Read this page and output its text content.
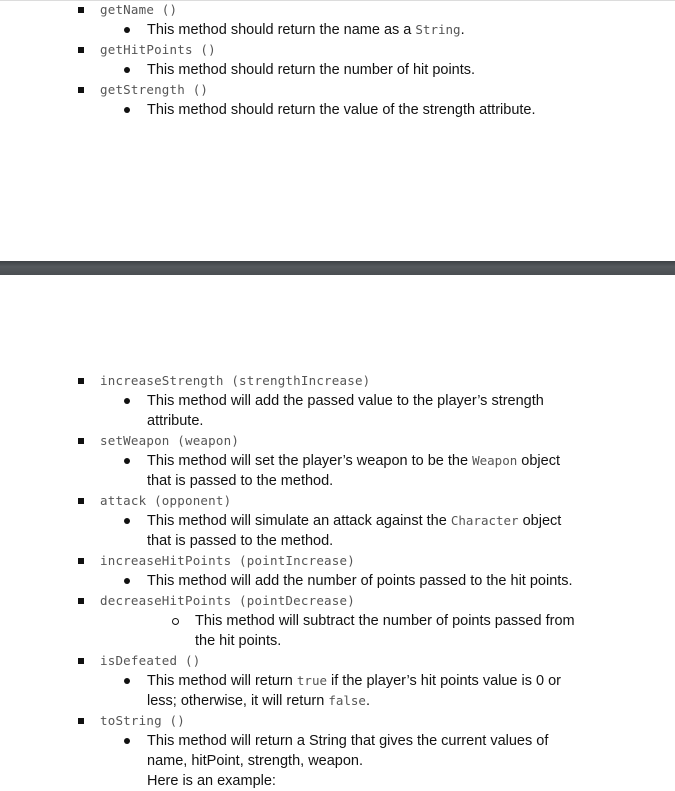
getName ()
This method should return the name as a String.
getHitPoints ()
This method should return the number of hit points.
getStrength ()
This method should return the value of the strength attribute.
increaseStrength (strengthIncrease)
This method will add the passed value to the player’s strength attribute.
setWeapon (weapon)
This method will set the player’s weapon to be the Weapon object that is passed to the method.
attack (opponent)
This method will simulate an attack against the Character object that is passed to the method.
increaseHitPoints (pointIncrease)
This method will add the number of points passed to the hit points.
decreaseHitPoints (pointDecrease)
This method will subtract the number of points passed from the hit points.
isDefeated ()
This method will return true if the player’s hit points value is 0 or less; otherwise, it will return false.
toString ()
This method will return a String that gives the current values of name, hitPoint, strength, weapon.
Here is an example:
